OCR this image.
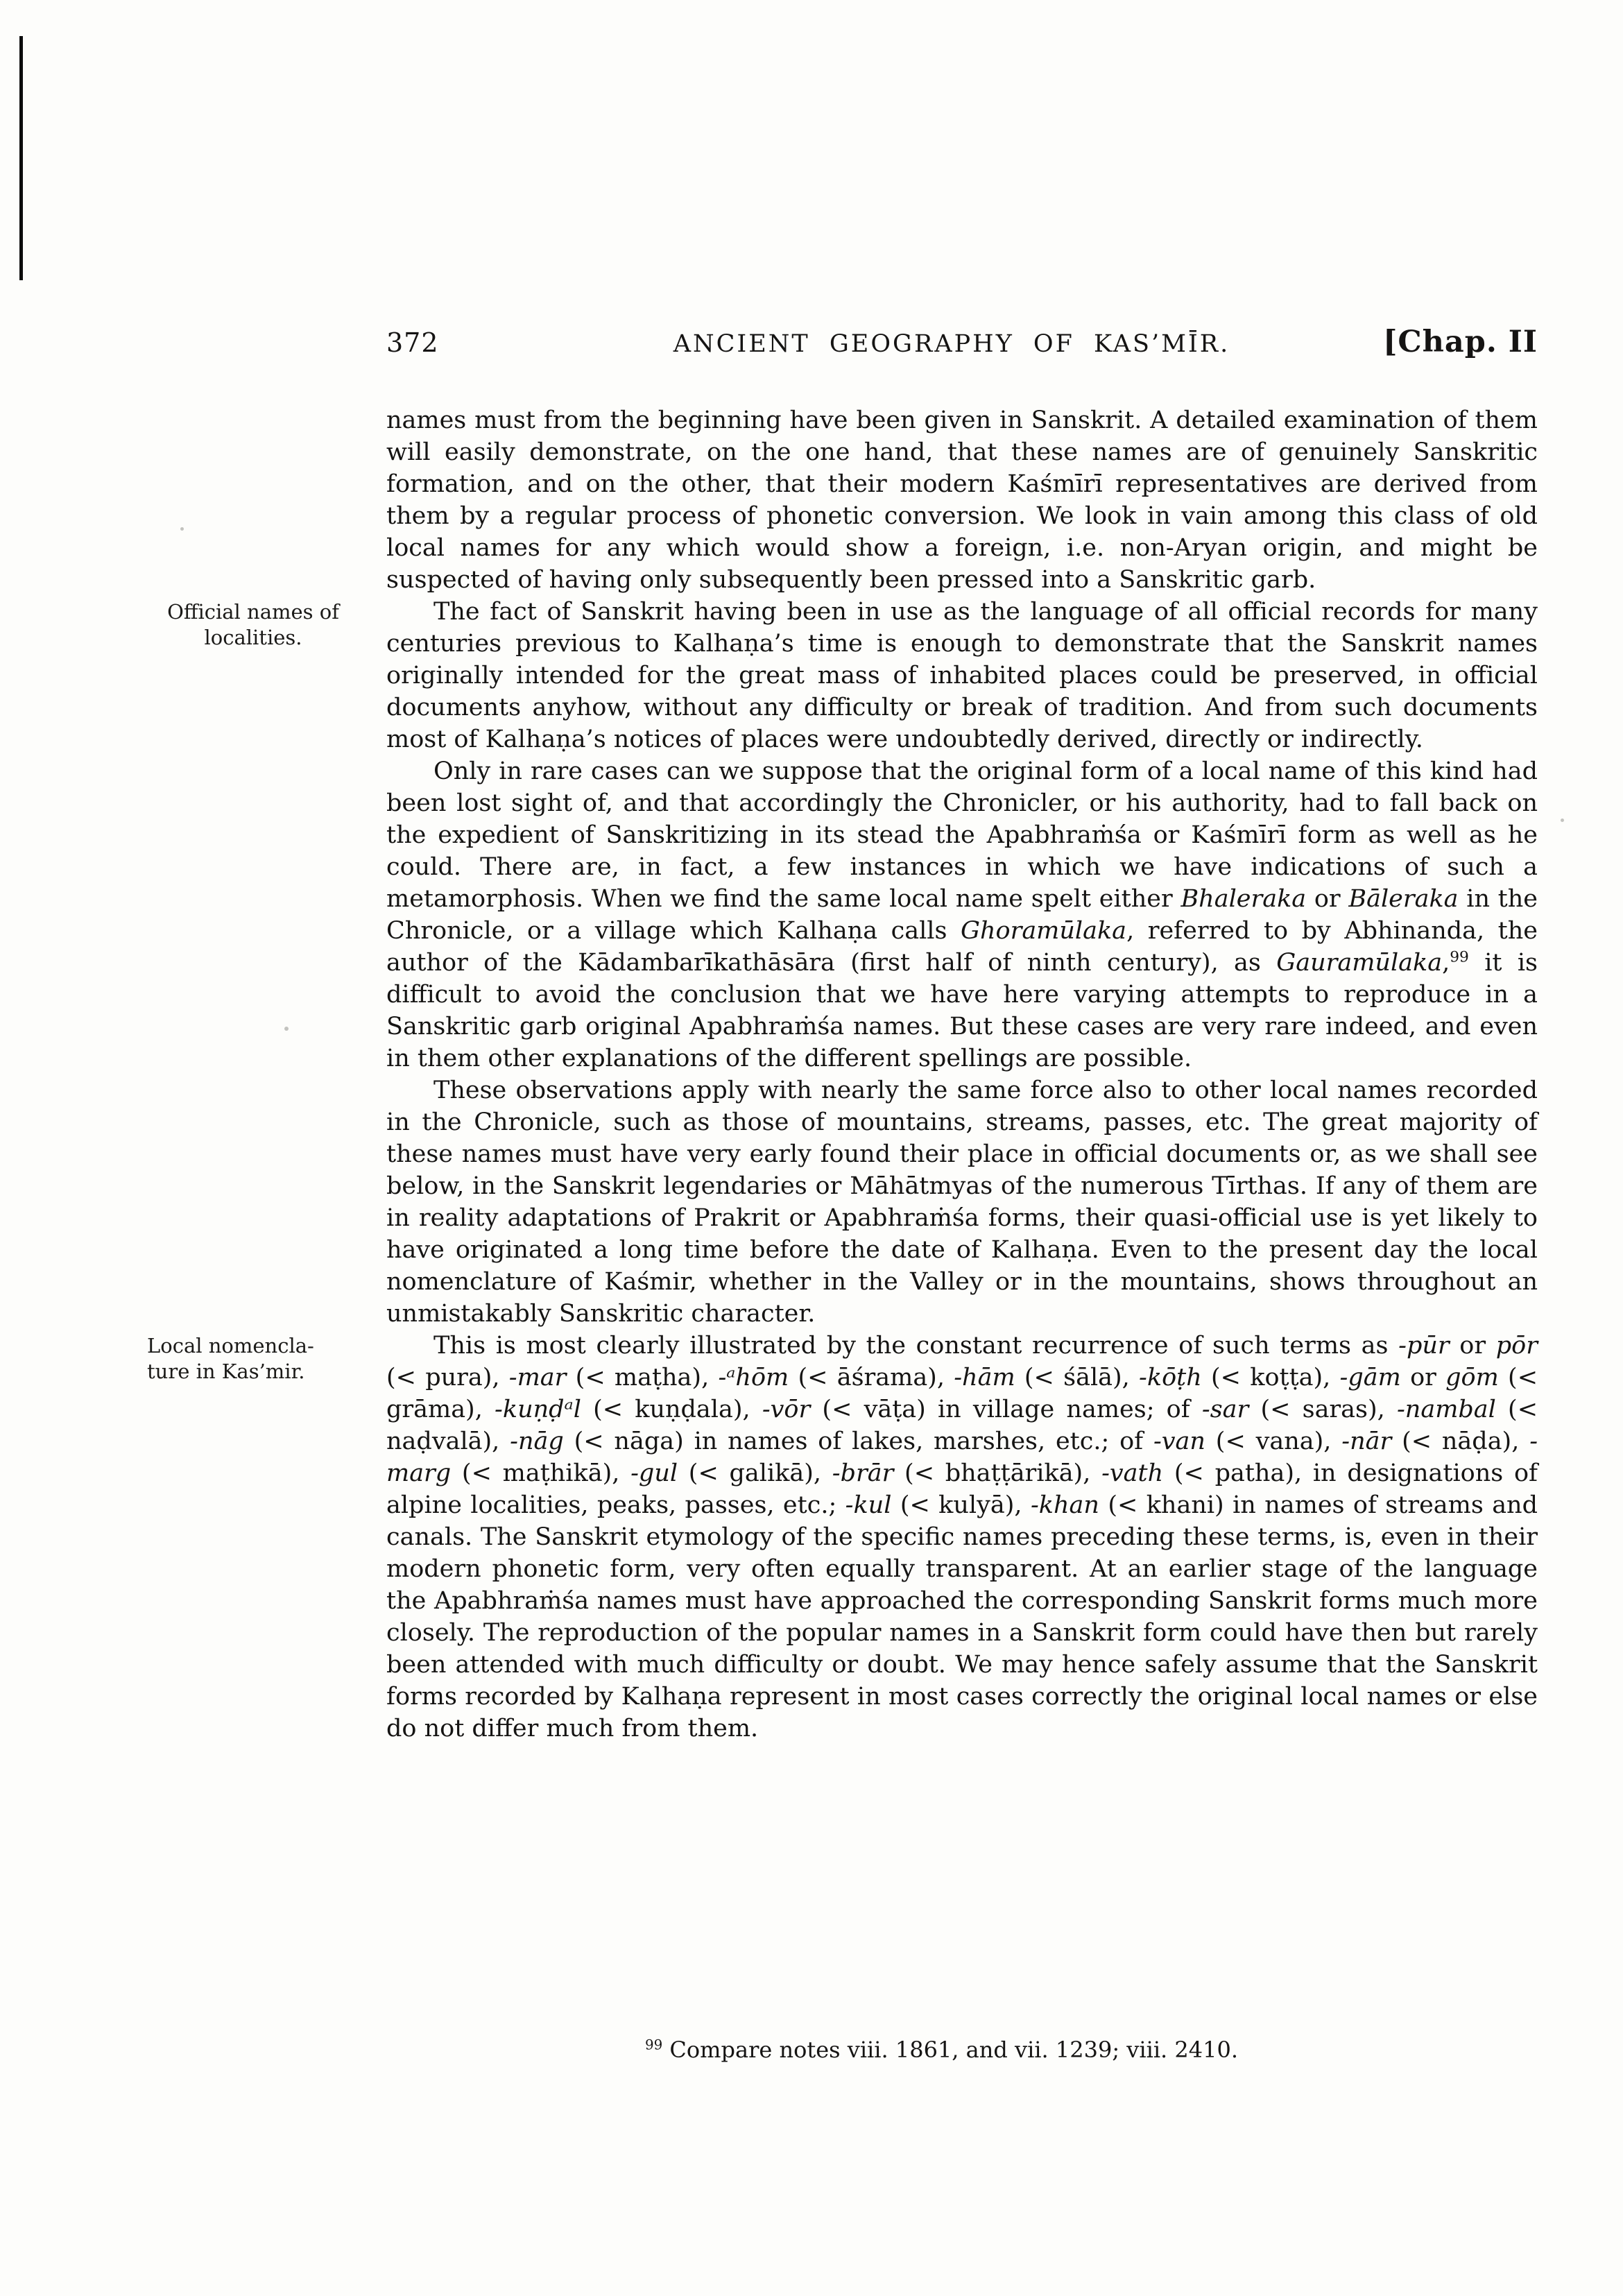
372	ANCIENT GEOGRAPHY OF KAS’MĪR.	[Chap. II
Official names of
localities.
Local nomencla-
ture in Kas’mir.

names must from the beginning have been given in Sanskrit. A detailed examination of them will easily demonstrate, on the one hand, that these names are of genuinely Sanskritic formation, and on the other, that their modern Kaśmīrī representatives are derived from them by a regular process of phonetic conversion. We look in vain among this class of old local names for any which would show a foreign, i.e. non-Aryan origin, and might be suspected of having only subsequently been pressed into a Sanskritic garb.

The fact of Sanskrit having been in use as the language of all official records for many centuries previous to Kalhaṇa’s time is enough to demonstrate that the Sanskrit names originally intended for the great mass of inhabited places could be preserved, in official documents anyhow, without any difficulty or break of tradition. And from such documents most of Kalhaṇa’s notices of places were undoubtedly derived, directly or indirectly.

Only in rare cases can we suppose that the original form of a local name of this kind had been lost sight of, and that accordingly the Chronicler, or his authority, had to fall back on the expedient of Sanskritizing in its stead the Apabhraṁśa or Kaśmīrī form as well as he could. There are, in fact, a few instances in which we have indications of such a metamorphosis. When we find the same local name spelt either Bhaleraka or Bāleraka in the Chronicle, or a village which Kalhaṇa calls Ghoramūlaka, referred to by Abhinanda, the author of the Kādambarīkathāsāra (first half of ninth century), as Gauramūlaka,$^{99}$ it is difficult to avoid the conclusion that we have here varying attempts to reproduce in a Sanskritic garb original Apabhraṁśa names. But these cases are very rare indeed, and even in them other explanations of the different spellings are possible.

These observations apply with nearly the same force also to other local names recorded in the Chronicle, such as those of mountains, streams, passes, etc. The great majority of these names must have very early found their place in official documents or, as we shall see below, in the Sanskrit legendaries or Māhātmyas of the numerous Tīrthas. If any of them are in reality adaptations of Prakrit or Apabhraṁśa forms, their quasi-official use is yet likely to have originated a long time before the date of Kalhaṇa. Even to the present day the local nomenclature of Kaśmir, whether in the Valley or in the mountains, shows throughout an unmistakably Sanskritic character.

This is most clearly illustrated by the constant recurrence of such terms as -pūr or pōr (< pura), -mar (< maṭha), -ᵃhōm (< āśrama), -hām (< śālā), -kōṭh (< koṭṭa), -gām or gōm (< grāma), -kuṇḍᵃl (< kuṇḍala), -vōr (< vāṭa) in village names; of -sar (< saras), -nambal (< naḍvalā), -nāg (< nāga) in names of lakes, marshes, etc.; of -van (< vana), -nār (< nāḍa), -marg (< maṭhikā), -gul (< galikā), -brār (< bhaṭṭārikā), -vath (< patha), in designations of alpine localities, peaks, passes, etc.; -kul (< kulyā), -khan (< khani) in names of streams and canals. The Sanskrit etymology of the specific names preceding these terms, is, even in their modern phonetic form, very often equally transparent. At an earlier stage of the language the Apabhraṁśa names must have approached the corresponding Sanskrit forms much more closely. The reproduction of the popular names in a Sanskrit form could have then but rarely been attended with much difficulty or doubt. We may hence safely assume that the Sanskrit forms recorded by Kalhaṇa represent in most cases correctly the original local names or else do not differ much from them.

$^{99}$ Compare notes viii. 1861, and vii. 1239; viii. 2410.
